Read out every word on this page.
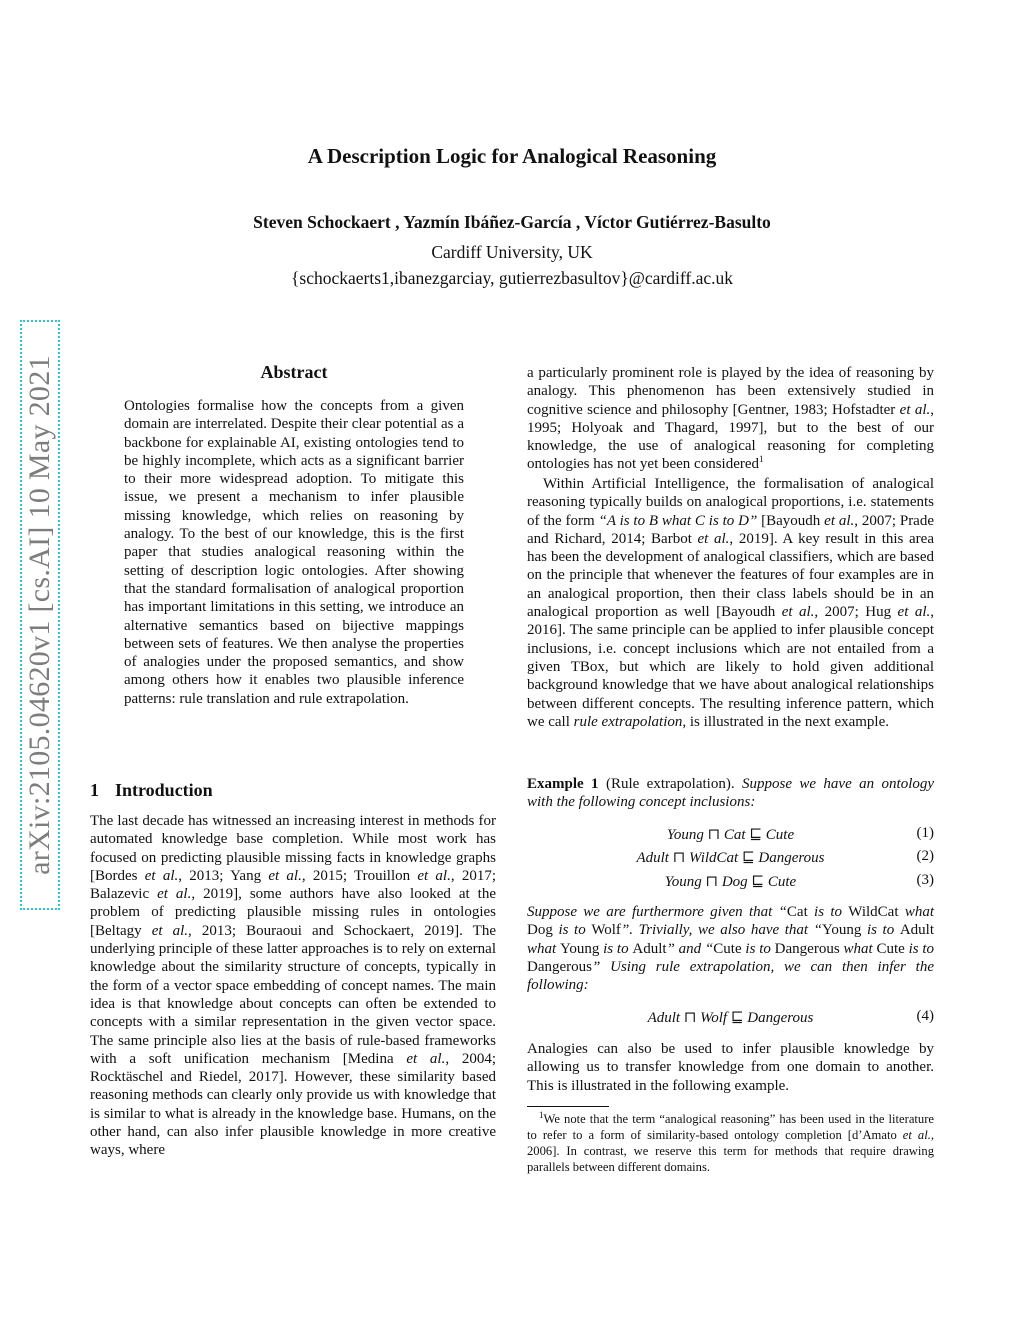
A Description Logic for Analogical Reasoning
Steven Schockaert , Yazmín Ibáñez-García , Víctor Gutiérrez-Basulto
Cardiff University, UK
{schockaerts1,ibanezgarciay, gutierrezbasultov}@cardiff.ac.uk
arXiv:2105.04620v1 [cs.AI] 10 May 2021	Abstract
Ontologies formalise how the concepts from a given domain are interrelated. Despite their clear potential as a backbone for explainable AI, existing ontologies tend to be highly incomplete, which acts as a significant barrier to their more widespread adoption. To mitigate this issue, we present a mechanism to infer plausible missing knowledge, which relies on reasoning by analogy. To the best of our knowledge, this is the first paper that studies analogical reasoning within the setting of description logic ontologies. After showing that the standard formalisation of analogical proportion has important limitations in this setting, we introduce an alternative semantics based on bijective mappings between sets of features. We then analyse the properties of analogies under the proposed semantics, and show among others how it enables two plausible inference patterns: rule translation and rule extrapolation.
1 Introduction
The last decade has witnessed an increasing interest in methods for automated knowledge base completion. While most work has focused on predicting plausible missing facts in knowledge graphs [Bordes et al., 2013; Yang et al., 2015; Trouillon et al., 2017; Balazevic et al., 2019], some authors have also looked at the problem of predicting plausible missing rules in ontologies [Beltagy et al., 2013; Bouraoui and Schockaert, 2019]. The underlying principle of these latter approaches is to rely on external knowledge about the similarity structure of concepts, typically in the form of a vector space embedding of concept names. The main idea is that knowledge about concepts can often be extended to concepts with a similar representation in the given vector space. The same principle also lies at the basis of rule-based frameworks with a soft unification mechanism [Medina et al., 2004; Rocktäschel and Riedel, 2017]. However, these similarity based reasoning methods can clearly only provide us with knowledge that is similar to what is already in the knowledge base. Humans, on the other hand, can also infer plausible knowledge in more creative ways, where
a particularly prominent role is played by the idea of reasoning by analogy. This phenomenon has been extensively studied in cognitive science and philosophy [Gentner, 1983; Hofstadter et al., 1995; Holyoak and Thagard, 1997], but to the best of our knowledge, the use of analogical reasoning for completing ontologies has not yet been considered$^1$
Within Artificial Intelligence, the formalisation of analogical reasoning typically builds on analogical proportions, i.e. statements of the form “A is to B what C is to D” [Bayoudh et al., 2007; Prade and Richard, 2014; Barbot et al., 2019]. A key result in this area has been the development of analogical classifiers, which are based on the principle that whenever the features of four examples are in an analogical proportion, then their class labels should be in an analogical proportion as well [Bayoudh et al., 2007; Hug et al., 2016]. The same principle can be applied to infer plausible concept inclusions, i.e. concept inclusions which are not entailed from a given TBox, but which are likely to hold given additional background knowledge that we have about analogical relationships between different concepts. The resulting inference pattern, which we call rule extrapolation, is illustrated in the next example.
Example 1 (Rule extrapolation). Suppose we have an ontology with the following concept inclusions:
Young ⊓ Cat ⊑ Cute	(1)
Adult ⊓ WildCat ⊑ Dangerous	(2)
Young ⊓ Dog ⊑ Cute	(3)
Suppose we are furthermore given that “Cat is to WildCat what Dog is to Wolf”. Trivially, we also have that “Young is to Adult what Young is to Adult” and “Cute is to Dangerous what Cute is to Dangerous” Using rule extrapolation, we can then infer the following:
Adult ⊓ Wolf ⊑ Dangerous	(4)
Analogies can also be used to infer plausible knowledge by allowing us to transfer knowledge from one domain to another. This is illustrated in the following example.
$^1$We note that the term “analogical reasoning” has been used in the literature to refer to a form of similarity-based ontology completion [d’Amato et al., 2006]. In contrast, we reserve this term for methods that require drawing parallels between different domains.
